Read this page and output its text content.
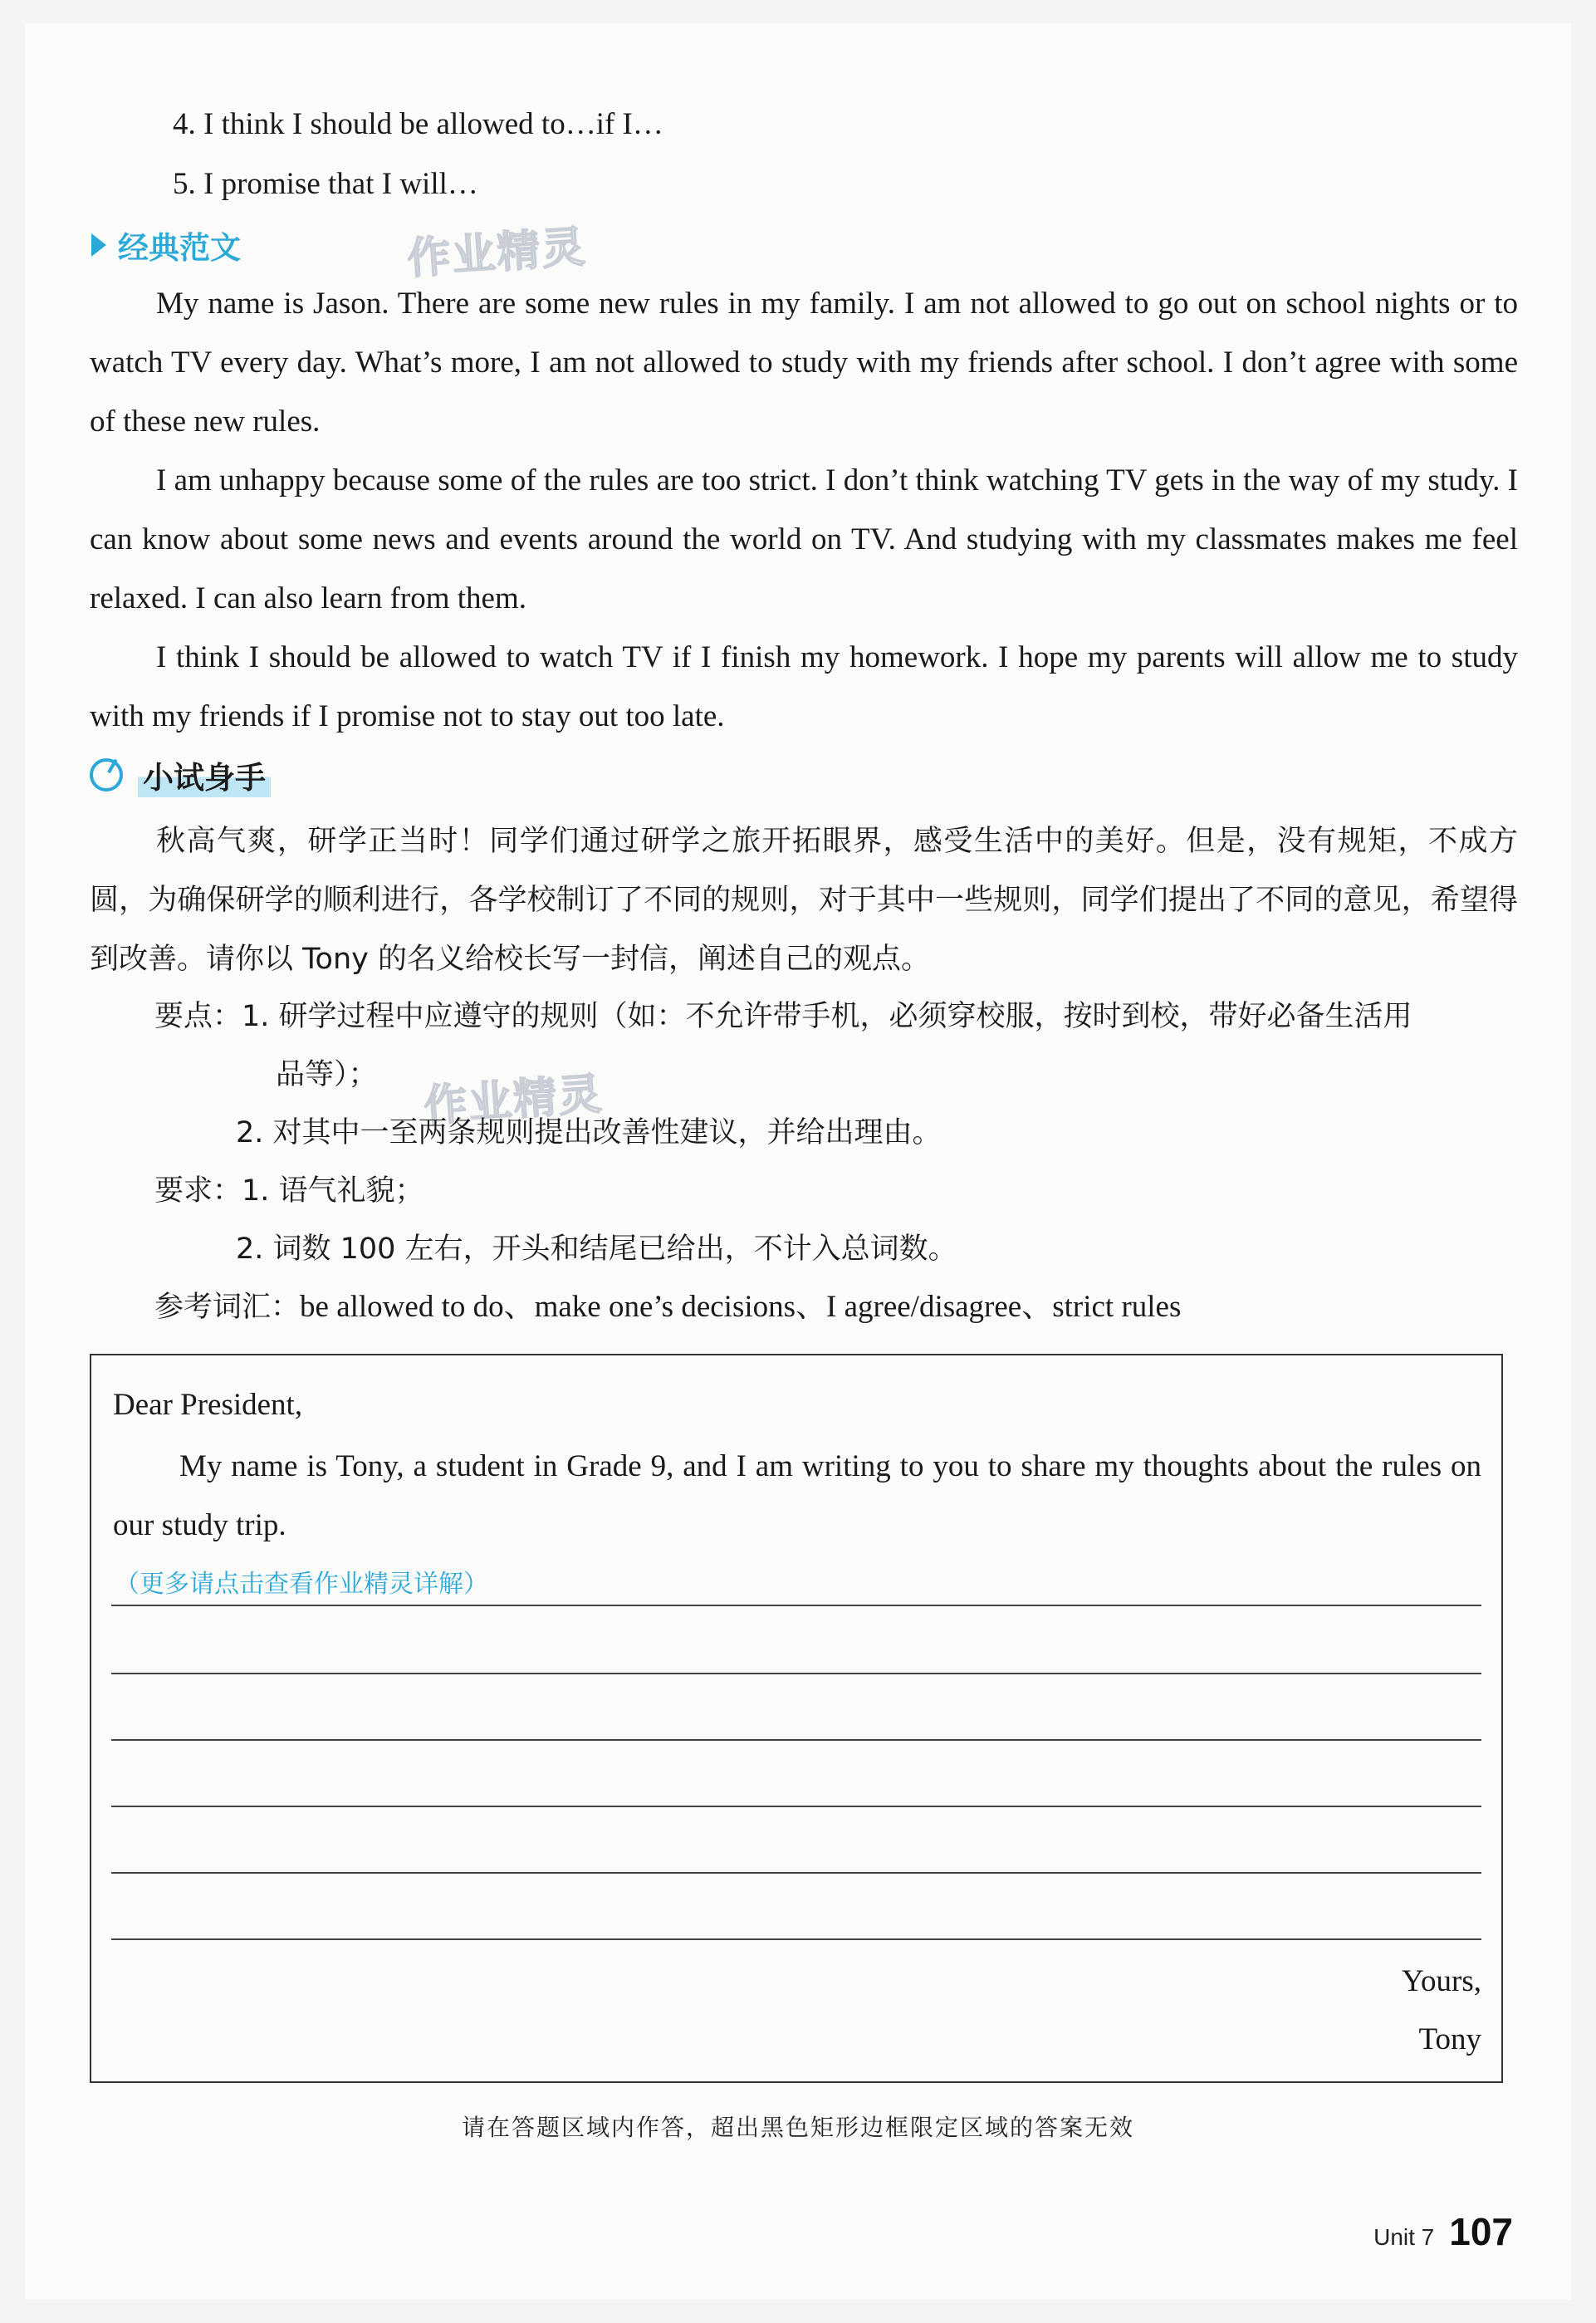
4. I think I should be allowed to…if I…
5. I promise that I will…
经典范文	作业精灵

My name is Jason. There are some new rules in my family. I am not allowed to go out on school nights or to watch TV every day. What’s more, I am not allowed to study with my friends after school. I don’t agree with some of these new rules.

I am unhappy because some of the rules are too strict. I don’t think watching TV gets in the way of my study. I can know about some news and events around the world on TV. And studying with my classmates makes me feel relaxed. I can also learn from them.

I think I should be allowed to watch TV if I finish my homework. I hope my parents will allow me to study with my friends if I promise not to stay out too late.

小试身手

秋高气爽，研学正当时！同学们通过研学之旅开拓眼界，感受生活中的美好。但是，没有规矩，不成方圆，为确保研学的顺利进行，各学校制订了不同的规则，对于其中一些规则，同学们提出了不同的意见，希望得到改善。请你以 Tony 的名义给校长写一封信，阐述自己的观点。

要点：1. 研学过程中应遵守的规则（如：不允许带手机，必须穿校服，按时到校，带好必备生活用
品等）； 作业精灵
2. 对其中一至两条规则提出改善性建议，并给出理由。
要求：1. 语气礼貌；
2. 词数 100 左右，开头和结尾已给出，不计入总词数。
参考词汇：be allowed to do、make one’s decisions、I agree/disagree、strict rules
Dear President,

My name is Tony, a student in Grade 9, and I am writing to you to share my thoughts about the rules on our study trip.

（更多请点击查看作业精灵详解）
Yours,
Tony
请在答题区域内作答，超出黑色矩形边框限定区域的答案无效
Unit 7 107
